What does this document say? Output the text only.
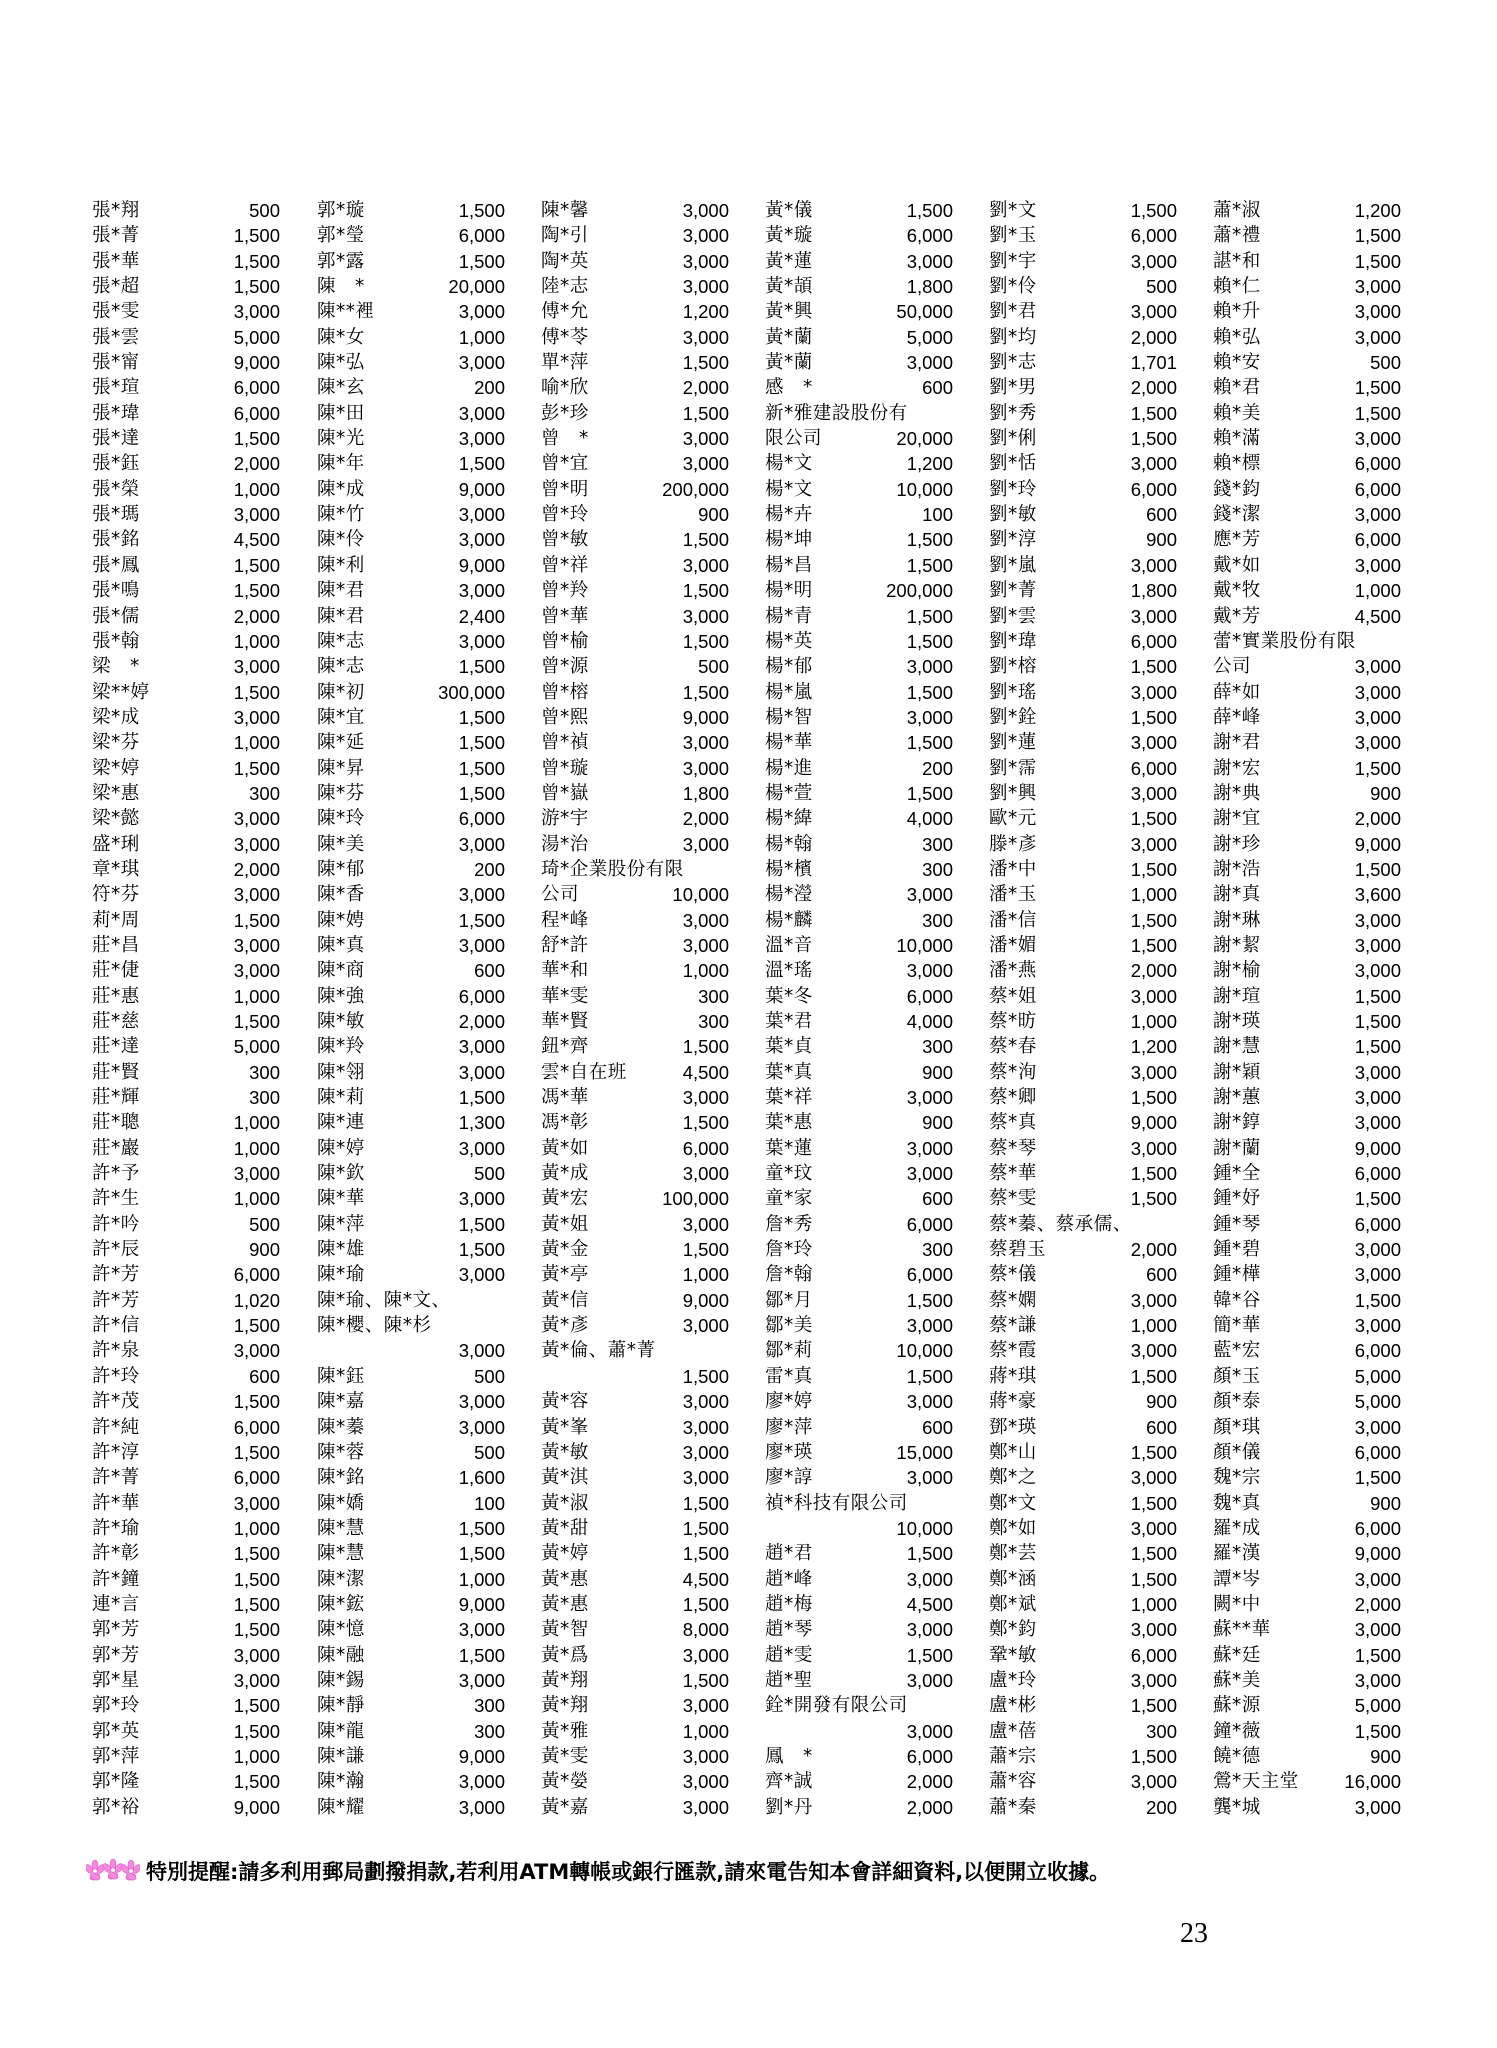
張*翔	500
張*菁	1,500
張*華	1,500
張*超	1,500
張*雯	3,000
張*雲	5,000
張*甯	9,000
張*瑄	6,000
張*瑋	6,000
張*達	1,500
張*鈺	2,000
張*榮	1,000
張*瑪	3,000
張*銘	4,500
張*鳳	1,500
張*鳴	1,500
張*儒	2,000
張*翰	1,000
梁　*	3,000
梁**婷	1,500
梁*成	3,000
梁*芬	1,000
梁*婷	1,500
梁*惠	300
梁*懿	3,000
盛*琍	3,000
章*琪	2,000
符*芬	3,000
莉*周	1,500
莊*昌	3,000
莊*倢	3,000
莊*惠	1,000
莊*慈	1,500
莊*達	5,000
莊*賢	300
莊*輝	300
莊*聰	1,000
莊*巖	1,000
許*予	3,000
許*生	1,000
許*吟	500
許*辰	900
許*芳	6,000
許*芳	1,020
許*信	1,500
許*泉	3,000
許*玲	600
許*茂	1,500
許*純	6,000
許*淳	1,500
許*菁	6,000
許*華	3,000
許*瑜	1,000
許*彰	1,500
許*鐘	1,500
連*言	1,500
郭*芳	1,500
郭*芳	3,000
郭*星	3,000
郭*玲	1,500
郭*英	1,500
郭*萍	1,000
郭*隆	1,500
郭*裕	9,000
郭*璇	1,500
郭*瑩	6,000
郭*露	1,500
陳　*	20,000
陳**裡	3,000
陳*女	1,000
陳*弘	3,000
陳*玄	200
陳*田	3,000
陳*光	3,000
陳*年	1,500
陳*成	9,000
陳*竹	3,000
陳*伶	3,000
陳*利	9,000
陳*君	3,000
陳*君	2,400
陳*志	3,000
陳*志	1,500
陳*初	300,000
陳*宜	1,500
陳*延	1,500
陳*昇	1,500
陳*芬	1,500
陳*玲	6,000
陳*美	3,000
陳*郁	200
陳*香	3,000
陳*娉	1,500
陳*真	3,000
陳*商	600
陳*強	6,000
陳*敏	2,000
陳*羚	3,000
陳*翎	3,000
陳*莉	1,500
陳*連	1,300
陳*婷	3,000
陳*欽	500
陳*華	3,000
陳*萍	1,500
陳*雄	1,500
陳*瑜	3,000
陳*瑜、陳*文、
陳*櫻、陳*杉
3,000
陳*鈺	500
陳*嘉	3,000
陳*蓁	3,000
陳*蓉	500
陳*銘	1,600
陳*嬌	100
陳*慧	1,500
陳*慧	1,500
陳*潔	1,000
陳*鋐	9,000
陳*憶	3,000
陳*融	1,500
陳*錫	3,000
陳*靜	300
陳*龍	300
陳*謙	9,000
陳*瀚	3,000
陳*耀	3,000
陳*馨	3,000
陶*引	3,000
陶*英	3,000
陸*志	3,000
傅*允	1,200
傅*苓	3,000
單*萍	1,500
喻*欣	2,000
彭*珍	1,500
曾　*	3,000
曾*宜	3,000
曾*明	200,000
曾*玲	900
曾*敏	1,500
曾*祥	3,000
曾*羚	1,500
曾*華	3,000
曾*榆	1,500
曾*源	500
曾*榕	1,500
曾*熙	9,000
曾*禎	3,000
曾*璇	3,000
曾*嶽	1,800
游*宇	2,000
湯*治	3,000
琦*企業股份有限
公司	10,000
程*峰	3,000
舒*許	3,000
華*和	1,000
華*雯	300
華*賢	300
鈕*齊	1,500
雲*自在班	4,500
馮*華	3,000
馮*彰	1,500
黃*如	6,000
黃*成	3,000
黃*宏	100,000
黃*姐	3,000
黃*金	1,500
黃*亭	1,000
黃*信	9,000
黃*彥	3,000
黃*倫、蕭*菁
1,500
黃*容	3,000
黃*峯	3,000
黃*敏	3,000
黃*淇	3,000
黃*淑	1,500
黃*甜	1,500
黃*婷	1,500
黃*惠	4,500
黃*惠	1,500
黃*智	8,000
黃*爲	3,000
黃*翔	1,500
黃*翔	3,000
黃*雅	1,000
黃*雯	3,000
黃*嫈	3,000
黃*嘉	3,000
黃*儀	1,500
黃*璇	6,000
黃*蓮	3,000
黃*頡	1,800
黃*興	50,000
黃*蘭	5,000
黃*蘭	3,000
感　*	600
新*雅建設股份有
限公司	20,000
楊*文	1,200
楊*文	10,000
楊*卉	100
楊*坤	1,500
楊*昌	1,500
楊*明	200,000
楊*青	1,500
楊*英	1,500
楊*郁	3,000
楊*嵐	1,500
楊*智	3,000
楊*華	1,500
楊*進	200
楊*萱	1,500
楊*緯	4,000
楊*翰	300
楊*檳	300
楊*瀅	3,000
楊*麟	300
溫*音	10,000
溫*瑤	3,000
葉*冬	6,000
葉*君	4,000
葉*貞	300
葉*真	900
葉*祥	3,000
葉*惠	900
葉*蓮	3,000
童*玟	3,000
童*家	600
詹*秀	6,000
詹*玲	300
詹*翰	6,000
鄒*月	1,500
鄒*美	3,000
鄒*莉	10,000
雷*真	1,500
廖*婷	3,000
廖*萍	600
廖*瑛	15,000
廖*諄	3,000
禎*科技有限公司
10,000
趙*君	1,500
趙*峰	3,000
趙*梅	4,500
趙*琴	3,000
趙*雯	1,500
趙*聖	3,000
銓*開發有限公司
3,000
鳳　*	6,000
齊*誠	2,000
劉*丹	2,000
劉*文	1,500
劉*玉	6,000
劉*宇	3,000
劉*伶	500
劉*君	3,000
劉*均	2,000
劉*志	1,701
劉*男	2,000
劉*秀	1,500
劉*俐	1,500
劉*恬	3,000
劉*玲	6,000
劉*敏	600
劉*淳	900
劉*嵐	3,000
劉*菁	1,800
劉*雲	3,000
劉*瑋	6,000
劉*榕	1,500
劉*瑤	3,000
劉*銓	1,500
劉*蓮	3,000
劉*霈	6,000
劉*興	3,000
歐*元	1,500
滕*彥	3,000
潘*中	1,500
潘*玉	1,000
潘*信	1,500
潘*媚	1,500
潘*燕	2,000
蔡*姐	3,000
蔡*昉	1,000
蔡*春	1,200
蔡*洵	3,000
蔡*卿	1,500
蔡*真	9,000
蔡*琴	3,000
蔡*華	1,500
蔡*雯	1,500
蔡*蓁、蔡承儒、
蔡碧玉	2,000
蔡*儀	600
蔡*嫻	3,000
蔡*謙	1,000
蔡*霞	3,000
蔣*琪	1,500
蔣*豪	900
鄧*瑛	600
鄭*山	1,500
鄭*之	3,000
鄭*文	1,500
鄭*如	3,000
鄭*芸	1,500
鄭*涵	1,500
鄭*斌	1,000
鄭*鈞	3,000
鞏*敏	6,000
盧*玲	3,000
盧*彬	1,500
盧*蓓	300
蕭*宗	1,500
蕭*容	3,000
蕭*秦	200
蕭*淑	1,200
蕭*禮	1,500
諶*和	1,500
賴*仁	3,000
賴*升	3,000
賴*弘	3,000
賴*安	500
賴*君	1,500
賴*美	1,500
賴*滿	3,000
賴*標	6,000
錢*鈞	6,000
錢*潔	3,000
應*芳	6,000
戴*如	3,000
戴*牧	1,000
戴*芳	4,500
蕾*實業股份有限
公司	3,000
薛*如	3,000
薛*峰	3,000
謝*君	3,000
謝*宏	1,500
謝*典	900
謝*宜	2,000
謝*珍	9,000
謝*浩	1,500
謝*真	3,600
謝*琳	3,000
謝*絜	3,000
謝*榆	3,000
謝*瑄	1,500
謝*瑛	1,500
謝*慧	1,500
謝*穎	3,000
謝*蕙	3,000
謝*錞	3,000
謝*蘭	9,000
鍾*全	6,000
鍾*妤	1,500
鍾*琴	6,000
鍾*碧	3,000
鍾*樺	3,000
韓*谷	1,500
簡*華	3,000
藍*宏	6,000
顏*玉	5,000
顏*泰	5,000
顏*琪	3,000
顏*儀	6,000
魏*宗	1,500
魏*真	900
羅*成	6,000
羅*漢	9,000
譚*岑	3,000
闕*中	2,000
蘇**華	3,000
蘇*廷	1,500
蘇*美	3,000
蘇*源	5,000
鐘*薇	1,500
饒*德	900
鶯*天主堂 16,000
龔*城	3,000
特別提醒:請多利用郵局劃撥捐款,若利用ATM轉帳或銀行匯款,請來電告知本會詳細資料,以便開立收據。
23
